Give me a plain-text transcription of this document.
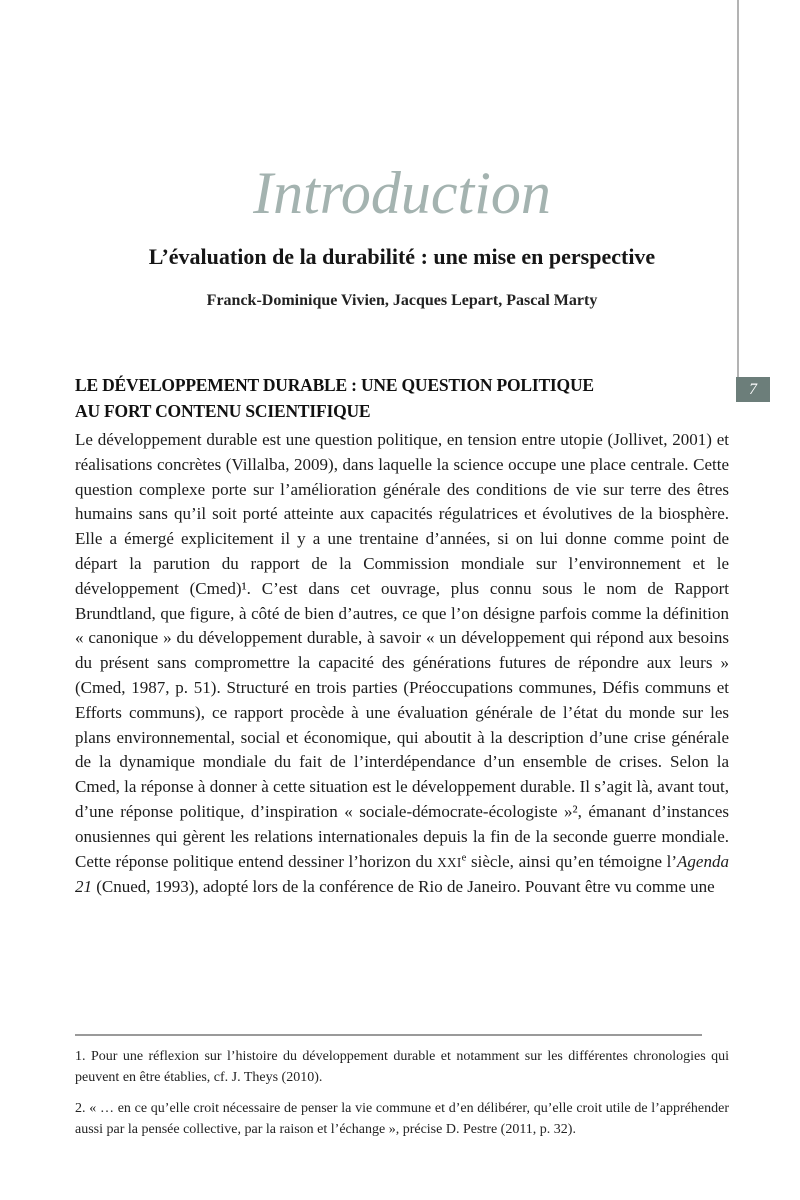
7
Introduction
L’évaluation de la durabilité : une mise en perspective
Franck-Dominique Vivien, Jacques Lepart, Pascal Marty
LE DÉVELOPPEMENT DURABLE : UNE QUESTION POLITIQUE
AU FORT CONTENU SCIENTIFIQUE

Le développement durable est une question politique, en tension entre utopie (Jollivet, 2001) et réalisations concrètes (Villalba, 2009), dans laquelle la science occupe une place centrale. Cette question complexe porte sur l’amélioration générale des conditions de vie sur terre des êtres humains sans qu’il soit porté atteinte aux capacités régulatrices et évolutives de la biosphère. Elle a émergé explicitement il y a une trentaine d’années, si on lui donne comme point de départ la parution du rapport de la Commission mondiale sur l’environnement et le développement (Cmed)¹. C’est dans cet ouvrage, plus connu sous le nom de Rapport Brundtland, que figure, à côté de bien d’autres, ce que l’on désigne parfois comme la définition « canonique » du développement durable, à savoir « un développement qui répond aux besoins du présent sans compromettre la capacité des générations futures de répondre aux leurs » (Cmed, 1987, p. 51). Structuré en trois parties (Préoccupations communes, Défis communs et Efforts communs), ce rapport procède à une évaluation générale de l’état du monde sur les plans environnemental, social et économique, qui aboutit à la description d’une crise générale de la dynamique mondiale du fait de l’interdépendance d’un ensemble de crises. Selon la Cmed, la réponse à donner à cette situation est le développement durable. Il s’agit là, avant tout, d’une réponse politique, d’inspiration « sociale-démocrate-écologiste »², émanant d’instances onusiennes qui gèrent les relations internationales depuis la fin de la seconde guerre mondiale. Cette réponse politique entend dessiner l’horizon du XXIe siècle, ainsi qu’en témoigne l’Agenda 21 (Cnued, 1993), adopté lors de la conférence de Rio de Janeiro. Pouvant être vu comme une

1. Pour une réflexion sur l’histoire du développement durable et notamment sur les différentes chronologies qui peuvent en être établies, cf. J. Theys (2010).

2. « … en ce qu’elle croit nécessaire de penser la vie commune et d’en délibérer, qu’elle croit utile de l’appréhender aussi par la pensée collective, par la raison et l’échange », précise D. Pestre (2011, p. 32).
